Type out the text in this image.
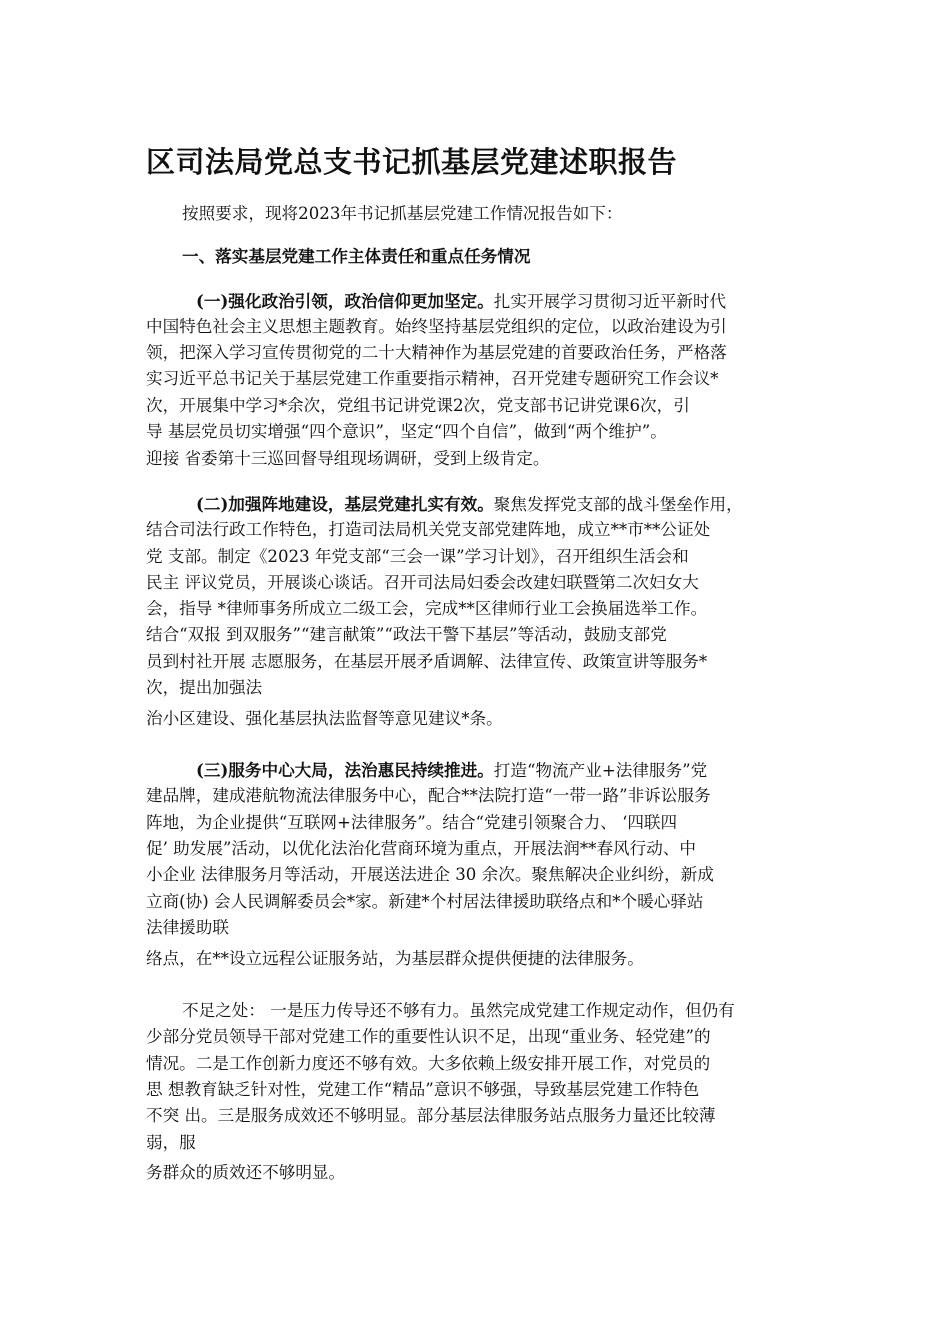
区司法局党总支书记抓基层党建述职报告
按照要求，现将2023年书记抓基层党建工作情况报告如下：
一、落实基层党建工作主体责任和重点任务情况
(一)强化政治引领，政治信仰更加坚定。扎实开展学习贯彻习近平新时代
中国特色社会主义思想主题教育。始终坚持基层党组织的定位，以政治建设为引
领，把深入学习宣传贯彻党的二十大精神作为基层党建的首要政治任务，严格落
实习近平总书记关于基层党建工作重要指示精神，召开党建专题研究工作会议*
次，开展集中学习*余次，党组书记讲党课2次，党支部书记讲党课6次，引
导 基层党员切实增强“四个意识”，坚定“四个自信”，做到“两个维护”。
迎接 省委第十三巡回督导组现场调研，受到上级肯定。
(二)加强阵地建设，基层党建扎实有效。聚焦发挥党支部的战斗堡垒作用，
结合司法行政工作特色，打造司法局机关党支部党建阵地，成立**市**公证处
党 支部。制定《2023 年党支部“三会一课”学习计划》，召开组织生活会和
民主 评议党员，开展谈心谈话。召开司法局妇委会改建妇联暨第二次妇女大
会，指导 *律师事务所成立二级工会，完成**区律师行业工会换届选举工作。
结合“双报 到双服务”“建言献策”“政法干警下基层”等活动，鼓励支部党
员到村社开展 志愿服务，在基层开展矛盾调解、法律宣传、政策宣讲等服务*
次，提出加强法
治小区建设、强化基层执法监督等意见建议*条。
(三)服务中心大局，法治惠民持续推进。打造“物流产业+法律服务”党
建品牌，建成港航物流法律服务中心，配合**法院打造“一带一路”非诉讼服务
阵地，为企业提供“互联网+法律服务”。结合“党建引领聚合力、 ‘四联四
促’ 助发展”活动，以优化法治化营商环境为重点，开展法润**春风行动、中
小企业 法律服务月等活动，开展送法进企 30 余次。聚焦解决企业纠纷，新成
立商(协) 会人民调解委员会*家。新建*个村居法律援助联络点和*个暖心驿站
法律援助联
络点，在**设立远程公证服务站，为基层群众提供便捷的法律服务。
不足之处： 一是压力传导还不够有力。虽然完成党建工作规定动作，但仍有
少部分党员领导干部对党建工作的重要性认识不足，出现“重业务、轻党建”的
情况。二是工作创新力度还不够有效。大多依赖上级安排开展工作，对党员的
思 想教育缺乏针对性，党建工作“精品”意识不够强，导致基层党建工作特色
不突 出。三是服务成效还不够明显。部分基层法律服务站点服务力量还比较薄
弱，服
务群众的质效还不够明显。
